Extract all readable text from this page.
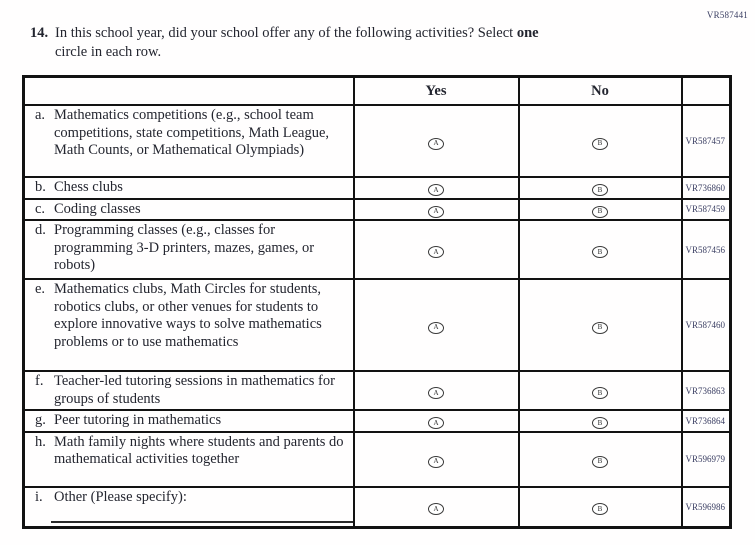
VR587441
14. In this school year, did your school offer any of the following activities? Select one
circle in each row.
	Yes	No	

a. Mathematics competitions (e.g., school team competitions, state competitions, Math League, Math Counts, or Mathematical Olympiads)	A	B	VR587457

b. Chess clubs	A	B	VR736860

c. Coding classes	A	B	VR587459

d. Programming classes (e.g., classes for programming 3-D printers, mazes, games, or robots)	A	B	VR587456

e. Mathematics clubs, Math Circles for students, robotics clubs, or other venues for students to explore innovative ways to solve mathematics problems or to use mathematics	A	B	VR587460

f. Teacher-led tutoring sessions in mathematics for groups of students	A	B	VR736863

g. Peer tutoring in mathematics	A	B	VR736864

h. Math family nights where students and parents do mathematical activities together	A	B	VR596979

i. Other (Please specify):	A	B	VR596986
